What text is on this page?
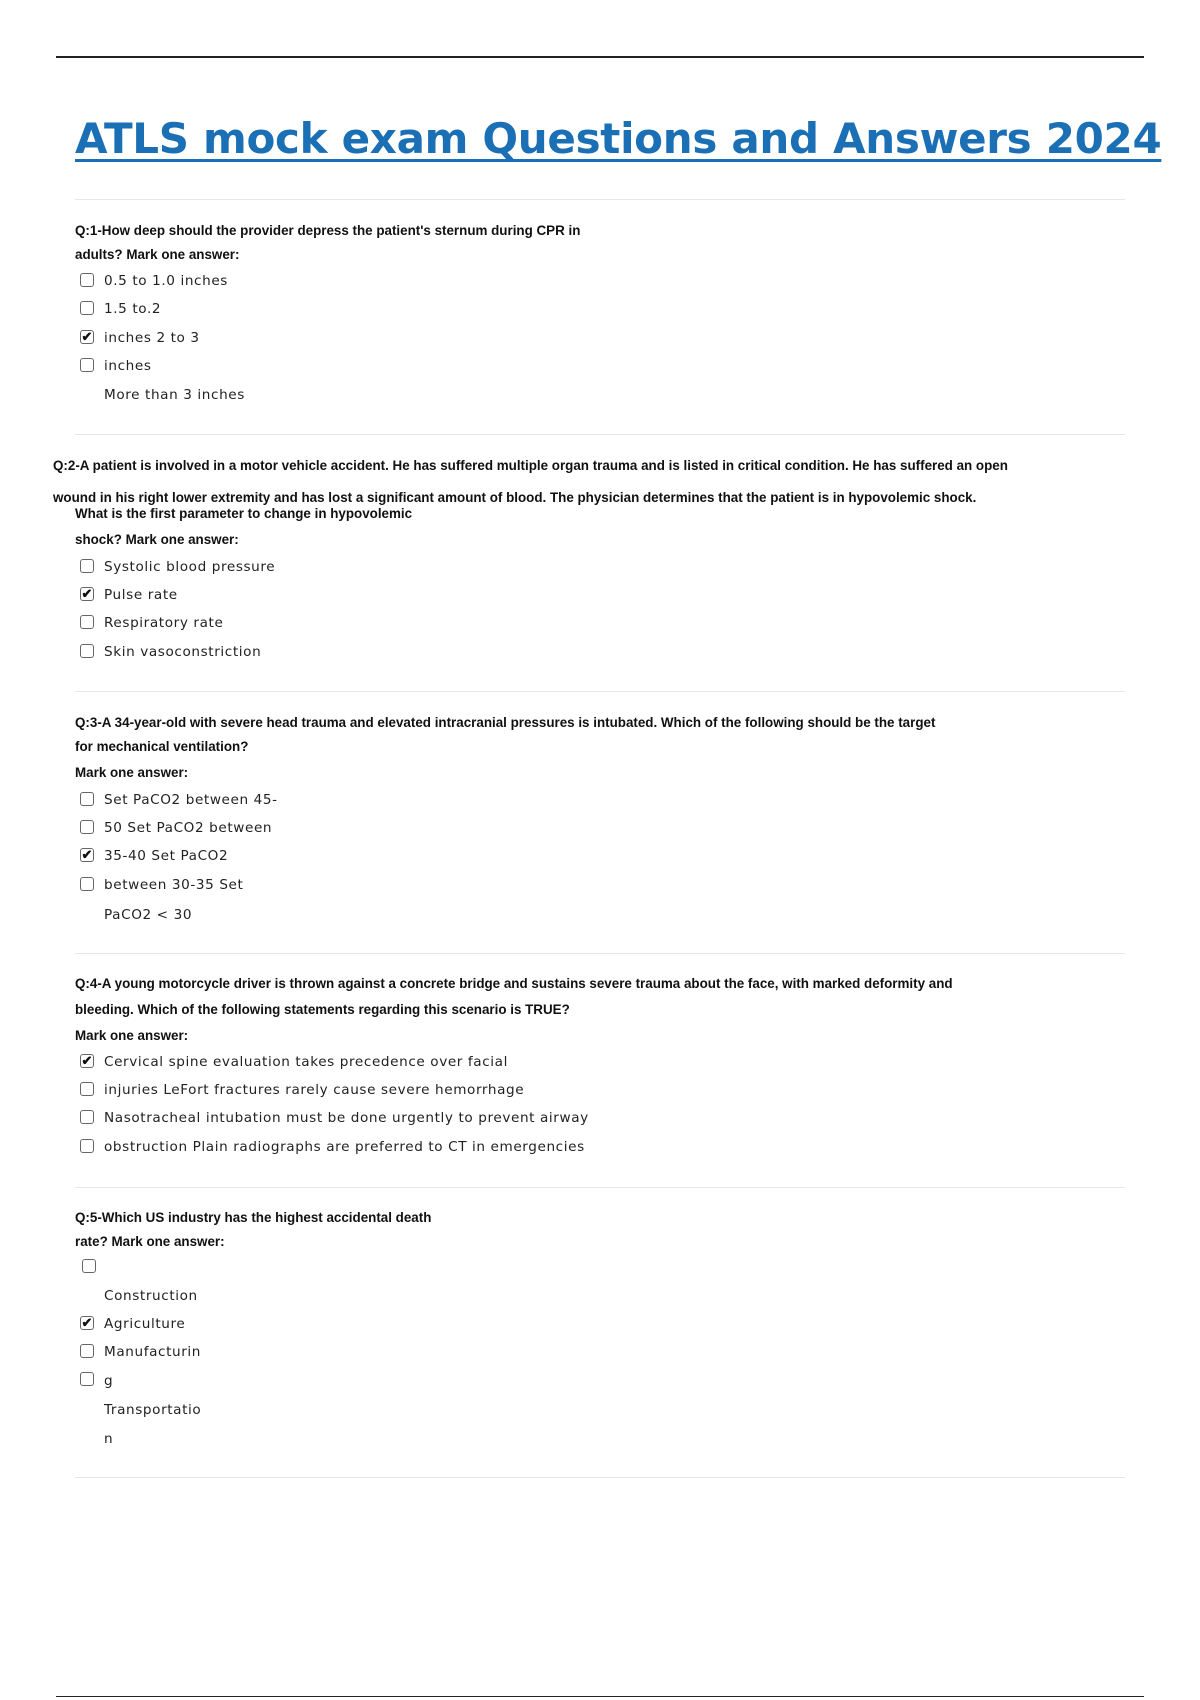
ATLS mock exam Questions and Answers 2024
Q:1-How deep should the provider depress the patient's sternum during CPR in
adults? Mark one answer:
0.5 to 1.0 inches
1.5 to.2
✔ inches 2 to 3
inches
More than 3 inches
Q:2-A patient is involved in a motor vehicle accident. He has suffered multiple organ trauma and is listed in critical condition. He has suffered an open
wound in his right lower extremity and has lost a significant amount of blood. The physician determines that the patient is in hypovolemic shock.
What is the first parameter to change in hypovolemic
shock? Mark one answer:
Systolic blood pressure
✔ Pulse rate
Respiratory rate
Skin vasoconstriction
Q:3-A 34-year-old with severe head trauma and elevated intracranial pressures is intubated. Which of the following should be the target
for mechanical ventilation?
Mark one answer:
Set PaCO2 between 45-
50 Set PaCO2 between
✔ 35-40 Set PaCO2
between 30-35 Set
PaCO2 < 30
Q:4-A young motorcycle driver is thrown against a concrete bridge and sustains severe trauma about the face, with marked deformity and
bleeding. Which of the following statements regarding this scenario is TRUE?
Mark one answer:
✔ Cervical spine evaluation takes precedence over facial
injuries LeFort fractures rarely cause severe hemorrhage
Nasotracheal intubation must be done urgently to prevent airway
obstruction Plain radiographs are preferred to CT in emergencies
Q:5-Which US industry has the highest accidental death
rate? Mark one answer:
Construction
✔ Agriculture
Manufacturin
g
Transportatio
n
